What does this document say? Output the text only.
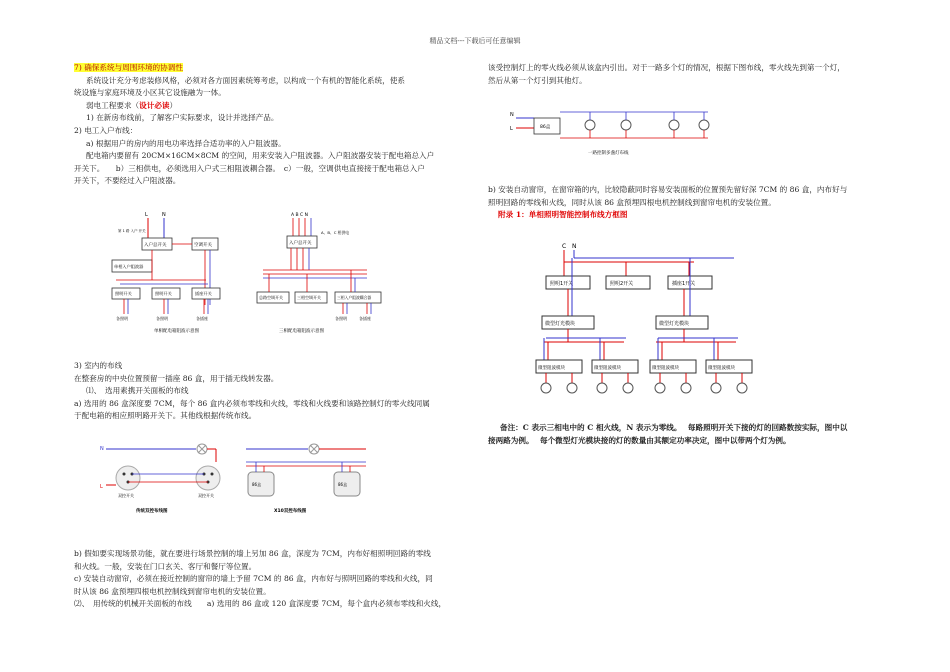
精品文档---下载后可任意编辑

7) 确保系统与周围环境的协调性

系统设计充分考虑装修风格，必须对各方面因素统筹考虑，以构成一个有机的智能化系统，使系

统设施与家庭环境及小区其它设施融为一体。

弱电工程要求（设计必读）

1) 在新房布线前，了解客户实际要求，设计并选择产品。

2) 电工入户布线：

a) 根据用户的房内的用电功率选择合适功率的入户阻波器。

配电箱内要留有 20CM×16CM×8CM 的空间，用来安装入户阻波器。入户阻波器安装于配电箱总入户

开关下。　　b）三相供电，必须选用入户式三相阻波耦合器。　c）一般，空调供电直接接于配电箱总入户

开关下，不要经过入户阻波器。

3) 室内的布线

在整套房的中央位置预留一插座 86 盒，用于插无线转发器。

⑴、　选用素携开关面板的布线

a) 选用的 86 盒深度要 7CM，每个 86 盒内必须布零线和火线，零线和火线要和该路控制灯的零火线同属

于配电箱的相应照明路开关下。其他线根据传统布线。

b) 假如要实现场景功能，就在要进行场景控制的墙上另加 86 盒，深度为 7CM，内布好相照明回路的零线

和火线。一般，安装在门口玄关、客厅和餐厅等位置。

c) 安装自动窗帘，必须在接近控制的窗帘的墙上予留 7CM 的 86 盒，内布好与照明回路的零线和火线，同

时从该 86 盒预埋四根电机控制线到窗帘电机的安装位置。

⑵、　用传统的机械开关面板的布线　　a) 选用的 86 盒或 120 盒深度要 7CM，每个盒内必须布零线和火线，

该受控制灯上的零火线必须从该盒内引出。对于一路多个灯的情况，根据下图布线，零火线先到第一个灯，

然后从第一个灯引到其他灯。

b) 安装自动窗帘，在窗帘箱的内，比较隐蔽同时容易安装面板的位置预先留好深 7CM 的 86 盒，内布好与

照明回路的零线和火线，同时从该 86 盒预埋四根电机控制线到窗帘电机的安装位置。

附录 1：单相照明智能控制布线方框图

备注：C 表示三相电中的 C 相火线，N 表示为零线。　 每路照明开关下接的灯的回路数按实际，图中以

接两路为例。　 每个微型灯光模块接的灯的数量由其额定功率决定，图中以带两个灯为例。

L	N
第 1 路 入户 开关
入户总开关	空调开关
单相入户阻波器
照明开关	照明开关	插座开关
各照明	各照明	各插座
单相配电箱阻波示意图
A B C N
入户总开关
A、B、C 相供电
总路空调开关	三相空调开关	三相入户阻波耦合器
各照明	各插座
三相配电箱阻波示意图
N
L
双控开关	双控开关
传统双控布线图
86盒	86盒
X10双控布线图
N
L	86盒
一路控制多盏灯布线
C N
照明1开关	照明2开关	插座1开关
微型灯光模块	微型灯光模块
微型阻波模块	微型阻波模块	微型阻波模块	微型阻波模块
